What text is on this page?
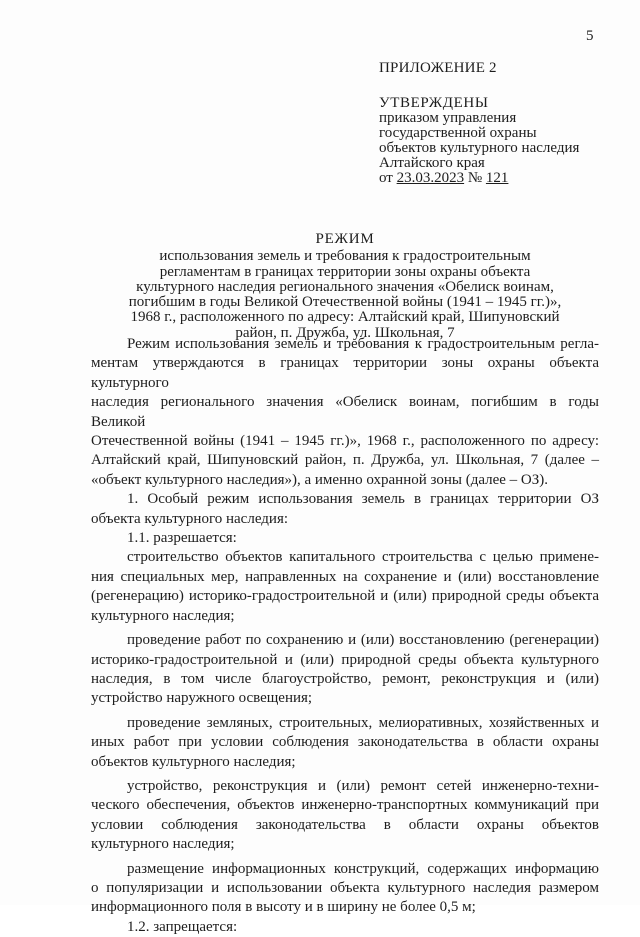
5
ПРИЛОЖЕНИЕ 2
УТВЕРЖДЕНЫ
приказом управления
государственной охраны
объектов культурного наследия
Алтайского края
от 23.03.2023 № 121
РЕЖИМ
использования земель и требования к градостроительным
регламентам в границах территории зоны охраны объекта
культурного наследия регионального значения «Обелиск воинам,
погибшим в годы Великой Отечественной войны (1941 – 1945 гг.)»,
1968 г., расположенного по адресу: Алтайский край, Шипуновский
район, п. Дружба, ул. Школьная, 7

Режим использования земель и требования к градостроительным регла-
ментам утверждаются в границах территории зоны охраны объекта культурного
наследия регионального значения «Обелиск воинам, погибшим в годы Великой
Отечественной войны (1941 – 1945 гг.)», 1968 г., расположенного по адресу:
Алтайский край, Шипуновский район, п. Дружба, ул. Школьная, 7 (далее –
«объект культурного наследия»), а именно охранной зоны (далее – ОЗ).

1. Особый режим использования земель в границах территории ОЗ
объекта культурного наследия:

1.1. разрешается:

строительство объектов капитального строительства с целью примене-
ния специальных мер, направленных на сохранение и (или) восстановление
(регенерацию) историко-градостроительной и (или) природной среды объекта
культурного наследия;

проведение работ по сохранению и (или) восстановлению (регенерации)
историко-градостроительной и (или) природной среды объекта культурного
наследия, в том числе благоустройство, ремонт, реконструкция и (или)
устройство наружного освещения;

проведение земляных, строительных, мелиоративных, хозяйственных и
иных работ при условии соблюдения законодательства в области охраны
объектов культурного наследия;

устройство, реконструкция и (или) ремонт сетей инженерно-техни-
ческого обеспечения, объектов инженерно-транспортных коммуникаций при
условии соблюдения законодательства в области охраны объектов
культурного наследия;

размещение информационных конструкций, содержащих информацию
о популяризации и использовании объекта культурного наследия размером
информационного поля в высоту и в ширину не более 0,5 м;

1.2. запрещается:
